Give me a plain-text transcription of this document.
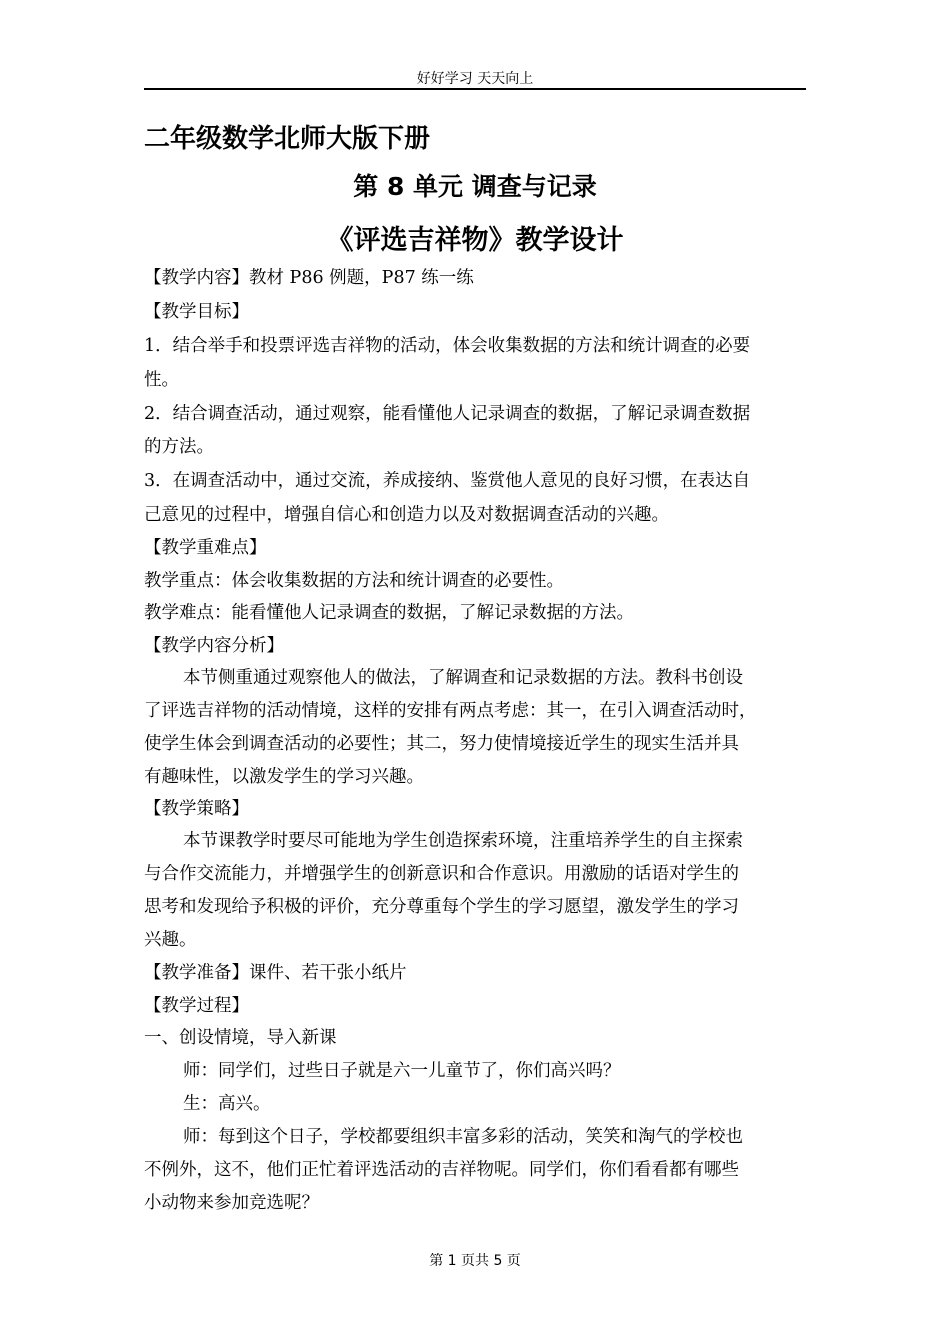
好好学习 天天向上
二年级数学北师大版下册
第 8 单元 调查与记录
《评选吉祥物》教学设计
【教学内容】教材 P86 例题，P87 练一练
【教学目标】
1．结合举手和投票评选吉祥物的活动，体会收集数据的方法和统计调查的必要
性。
2．结合调查活动，通过观察，能看懂他人记录调查的数据，了解记录调查数据
的方法。
3．在调查活动中，通过交流，养成接纳、鉴赏他人意见的良好习惯，在表达自
己意见的过程中，增强自信心和创造力以及对数据调查活动的兴趣。
【教学重难点】
教学重点：体会收集数据的方法和统计调查的必要性。
教学难点：能看懂他人记录调查的数据，了解记录数据的方法。
【教学内容分析】
本节侧重通过观察他人的做法，了解调查和记录数据的方法。教科书创设
了评选吉祥物的活动情境，这样的安排有两点考虑：其一，在引入调查活动时，
使学生体会到调查活动的必要性；其二，努力使情境接近学生的现实生活并具
有趣味性，以激发学生的学习兴趣。
【教学策略】
本节课教学时要尽可能地为学生创造探索环境，注重培养学生的自主探索
与合作交流能力，并增强学生的创新意识和合作意识。用激励的话语对学生的
思考和发现给予积极的评价，充分尊重每个学生的学习愿望，激发学生的学习
兴趣。
【教学准备】课件、若干张小纸片
【教学过程】
一、创设情境，导入新课
师：同学们，过些日子就是六一儿童节了，你们高兴吗？
生：高兴。
师：每到这个日子，学校都要组织丰富多彩的活动，笑笑和淘气的学校也
不例外，这不，他们正忙着评选活动的吉祥物呢。同学们，你们看看都有哪些
小动物来参加竞选呢？
第 1 页共 5 页
